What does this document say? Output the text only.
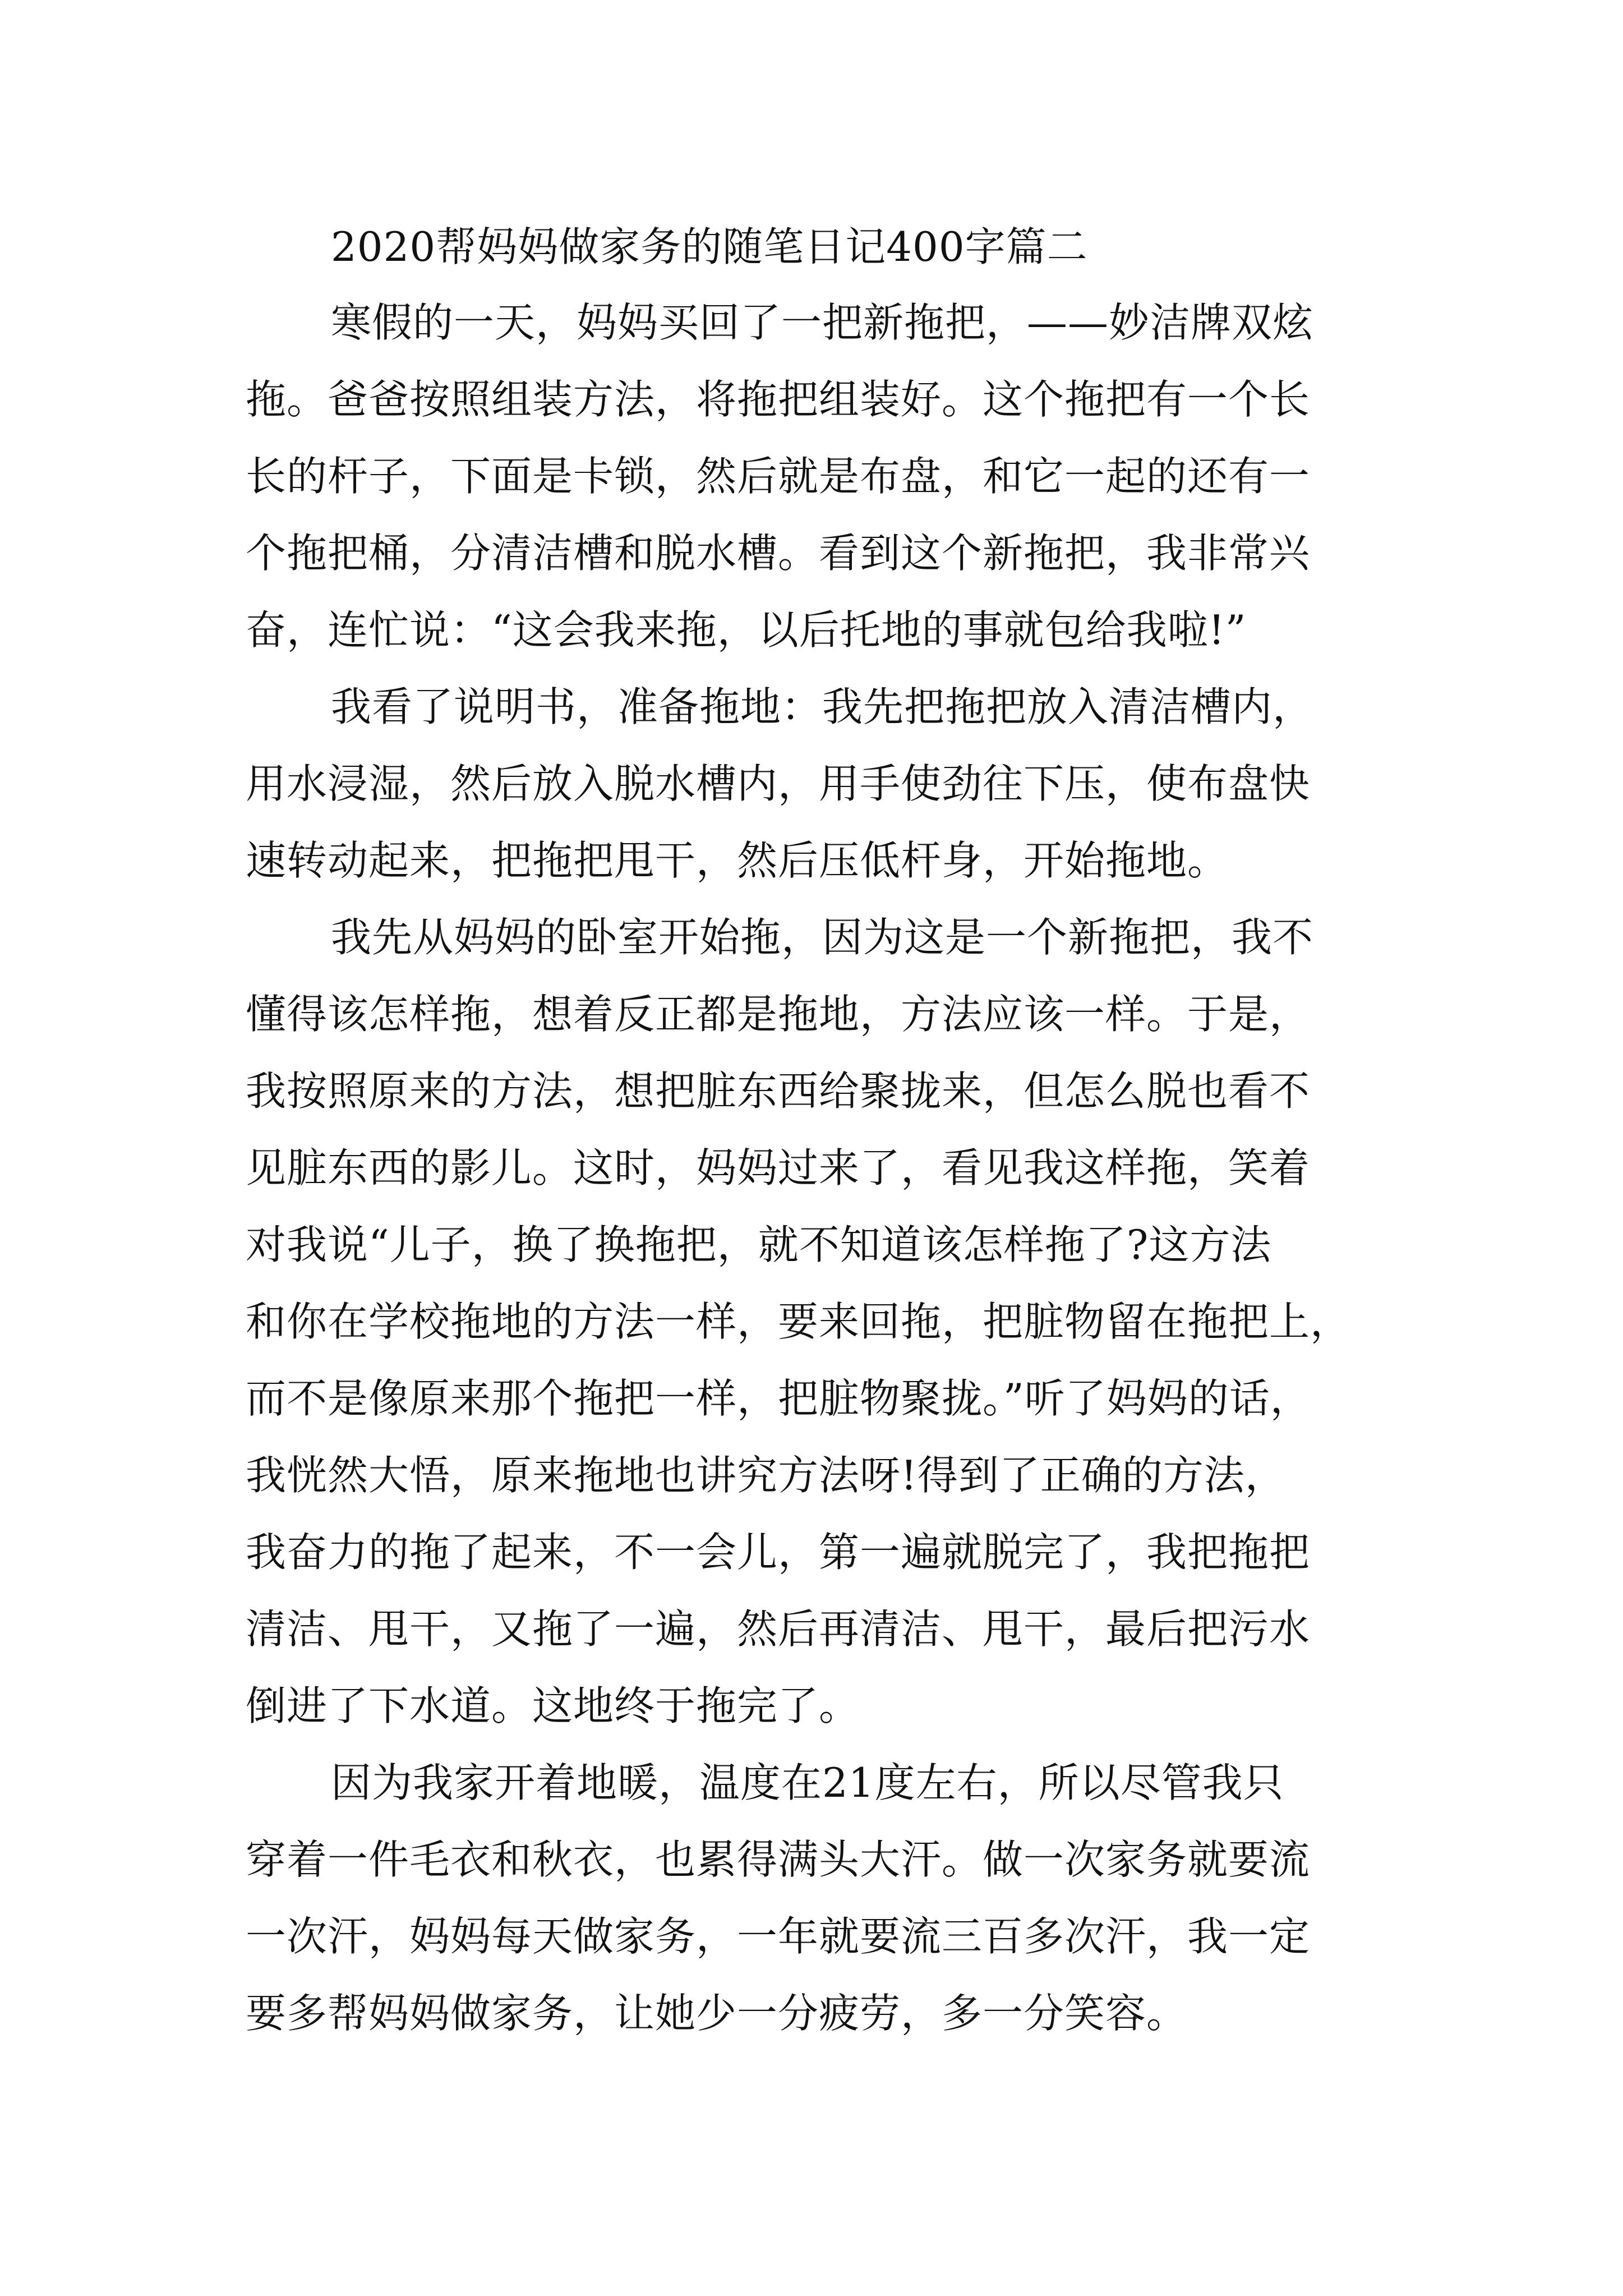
2020帮妈妈做家务的随笔日记400字篇二
寒假的一天，妈妈买回了一把新拖把，——妙洁牌双炫
拖。爸爸按照组装方法，将拖把组装好。这个拖把有一个长
长的杆子，下面是卡锁，然后就是布盘，和它一起的还有一
个拖把桶，分清洁槽和脱水槽。看到这个新拖把，我非常兴
奋，连忙说：“这会我来拖，以后托地的事就包给我啦!”
我看了说明书，准备拖地：我先把拖把放入清洁槽内，
用水浸湿，然后放入脱水槽内，用手使劲往下压，使布盘快
速转动起来，把拖把甩干，然后压低杆身，开始拖地。
我先从妈妈的卧室开始拖，因为这是一个新拖把，我不
懂得该怎样拖，想着反正都是拖地，方法应该一样。于是，
我按照原来的方法，想把脏东西给聚拢来，但怎么脱也看不
见脏东西的影儿。这时，妈妈过来了，看见我这样拖，笑着
对我说“儿子，换了换拖把，就不知道该怎样拖了?这方法
和你在学校拖地的方法一样，要来回拖，把脏物留在拖把上，
而不是像原来那个拖把一样，把脏物聚拢。”听了妈妈的话，
我恍然大悟，原来拖地也讲究方法呀!得到了正确的方法，
我奋力的拖了起来，不一会儿，第一遍就脱完了，我把拖把
清洁、甩干，又拖了一遍，然后再清洁、甩干，最后把污水
倒进了下水道。这地终于拖完了。
因为我家开着地暖，温度在21度左右，所以尽管我只
穿着一件毛衣和秋衣，也累得满头大汗。做一次家务就要流
一次汗，妈妈每天做家务，一年就要流三百多次汗，我一定
要多帮妈妈做家务，让她少一分疲劳，多一分笑容。
